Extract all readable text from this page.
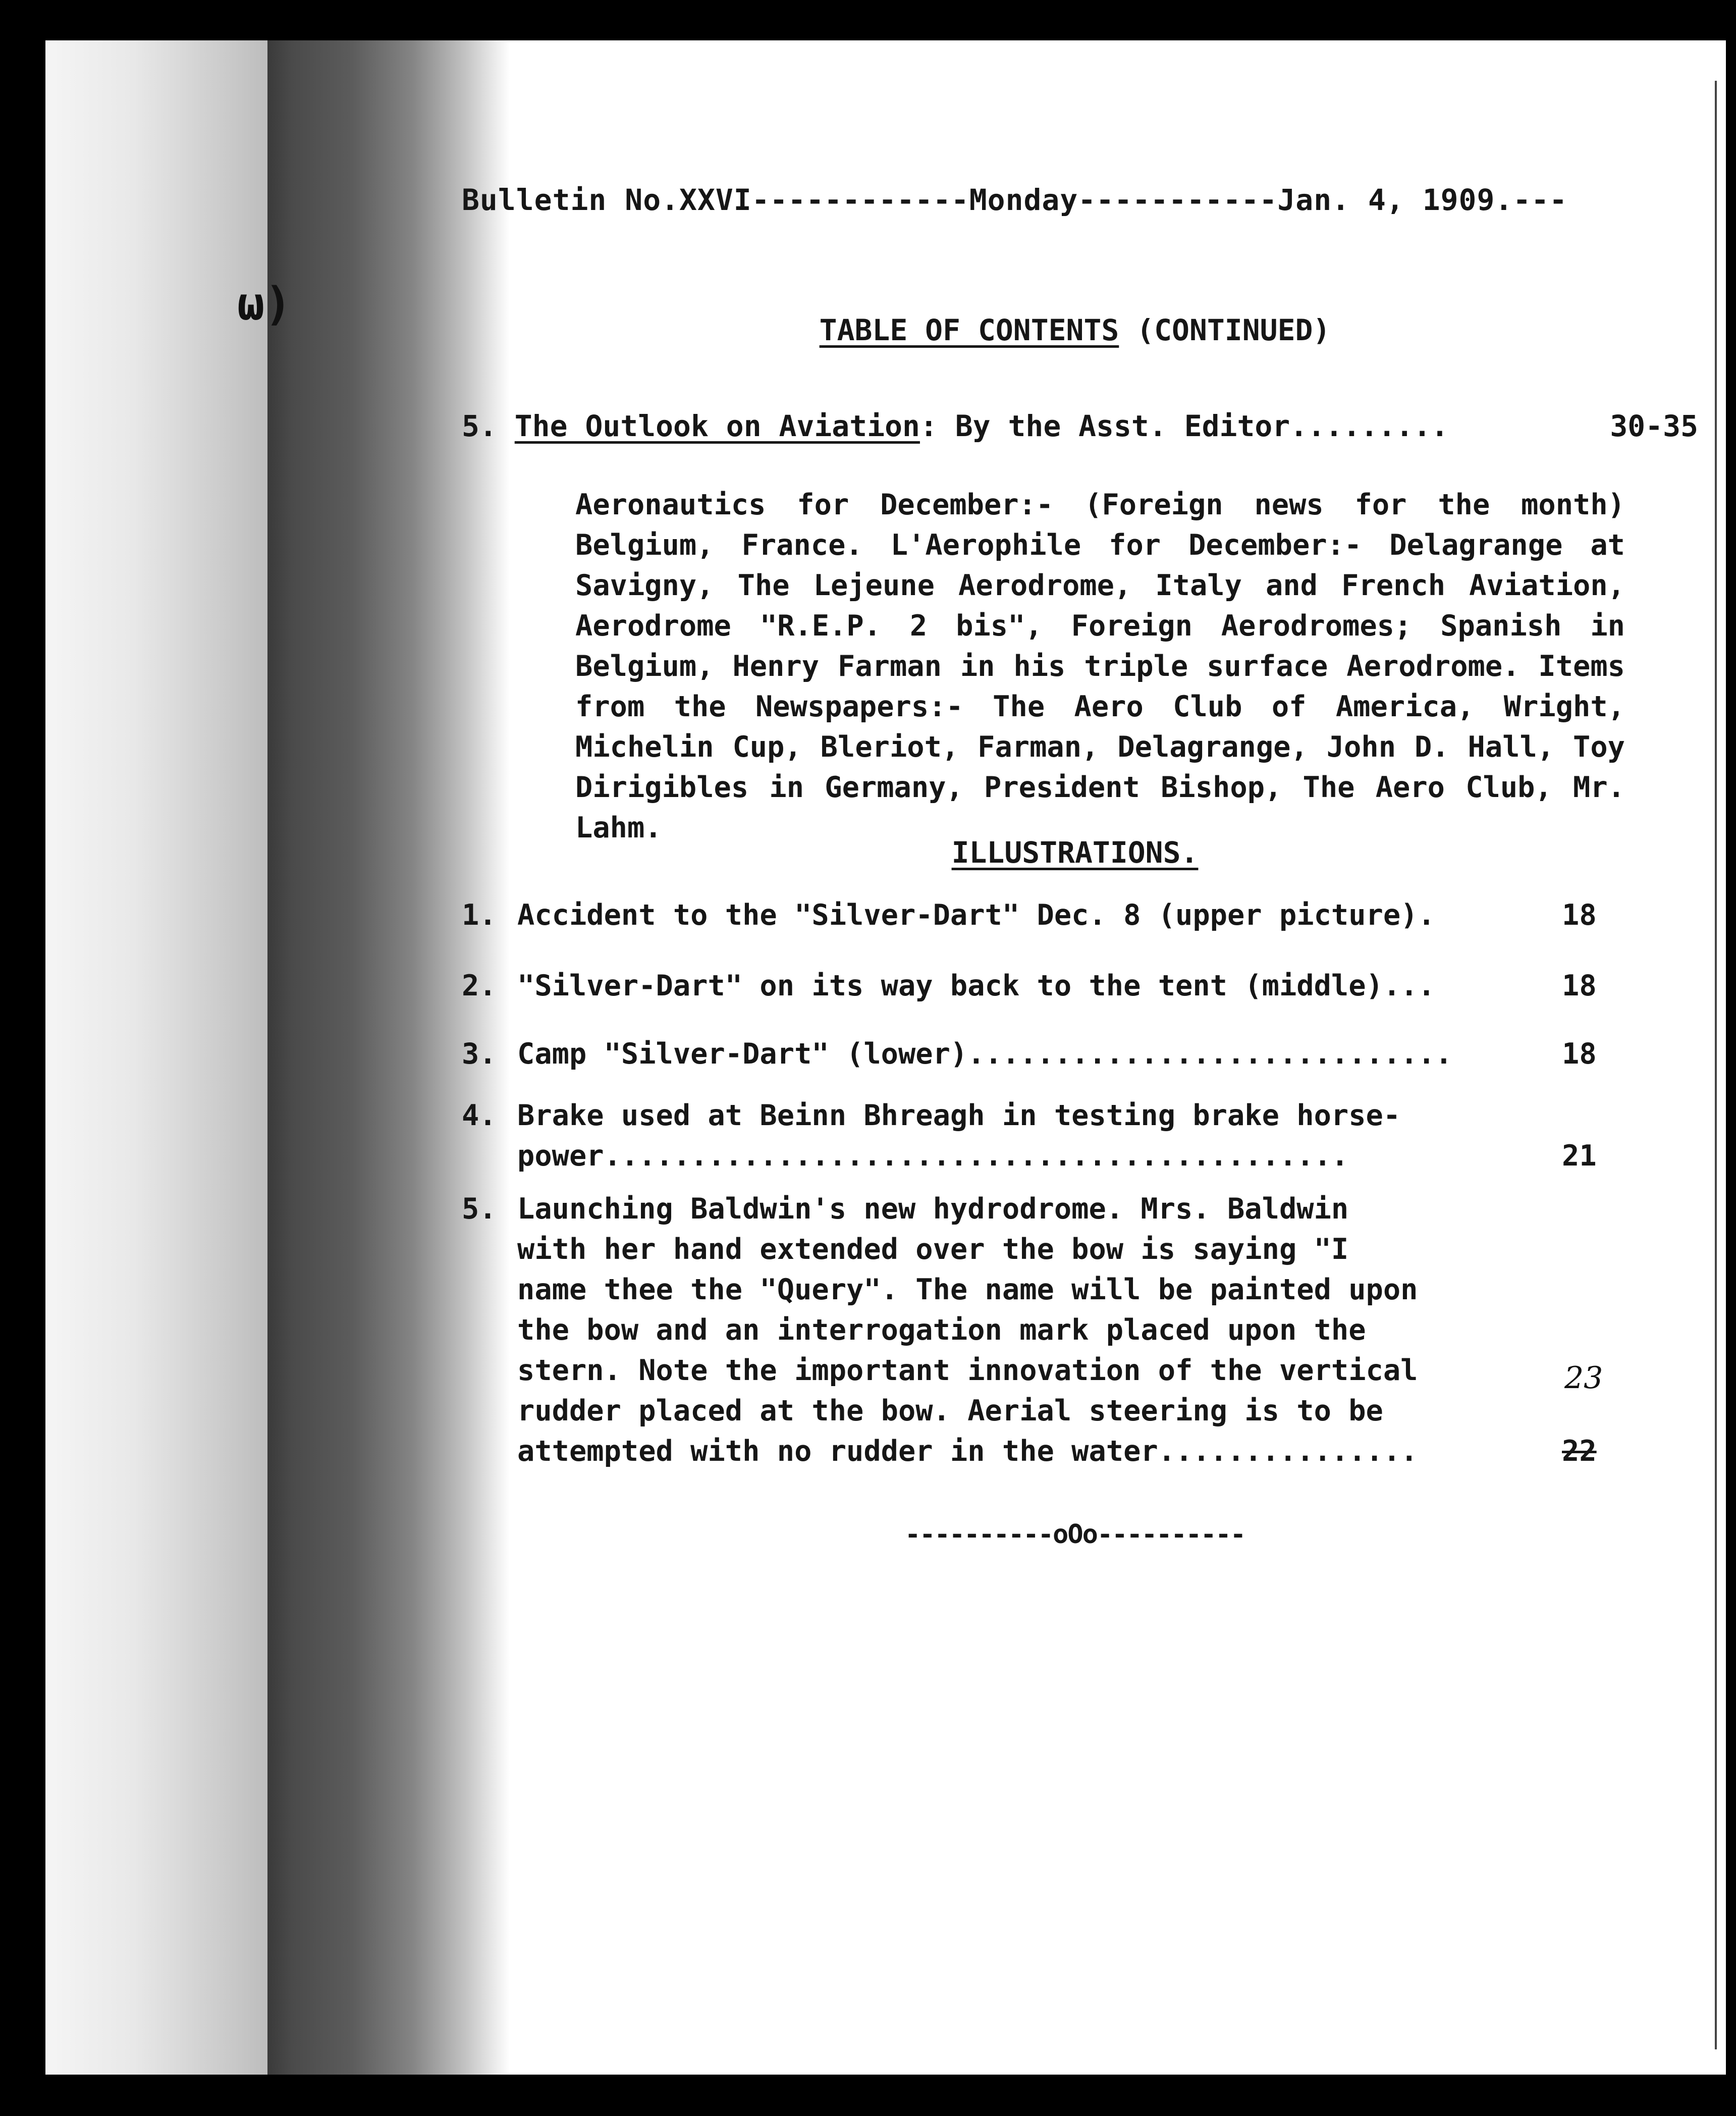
ω)
Bulletin No.XXVI------------Monday-----------Jan. 4, 1909.---
TABLE OF CONTENTS (CONTINUED)
5. The Outlook on Aviation: By the Asst. Editor.........	30-35
Aeronautics for December:- (Foreign news for the month) Belgium, France. L'Aerophile for December:- Delagrange at Savigny, The Lejeune Aerodrome, Italy and French Aviation, Aerodrome "R.E.P. 2 bis", Foreign Aerodromes; Spanish in Belgium, Henry Farman in his triple surface Aerodrome. Items from the Newspapers:- The Aero Club of America, Wright, Michelin Cup, Bleriot, Farman, Delagrange, John D. Hall, Toy Dirigibles in Germany, President Bishop, The Aero Club, Mr. Lahm.
ILLUSTRATIONS.
1. Accident to the "Silver-Dart" Dec. 8 (upper picture).	18
2. "Silver-Dart" on its way back to the tent (middle)...	18
3. Camp "Silver-Dart" (lower)............................	18
4. Brake used at Beinn Bhreagh in testing brake horse-
power...........................................	21
5. Launching Baldwin's new hydrodrome. Mrs. Baldwin
with her hand extended over the bow is saying "I
name thee the "Query". The name will be painted upon
the bow and an interrogation mark placed upon the
stern. Note the important innovation of the vertical
rudder placed at the bow. Aerial steering is to be
attempted with no rudder in the water...............	22
23
----------oOo----------
